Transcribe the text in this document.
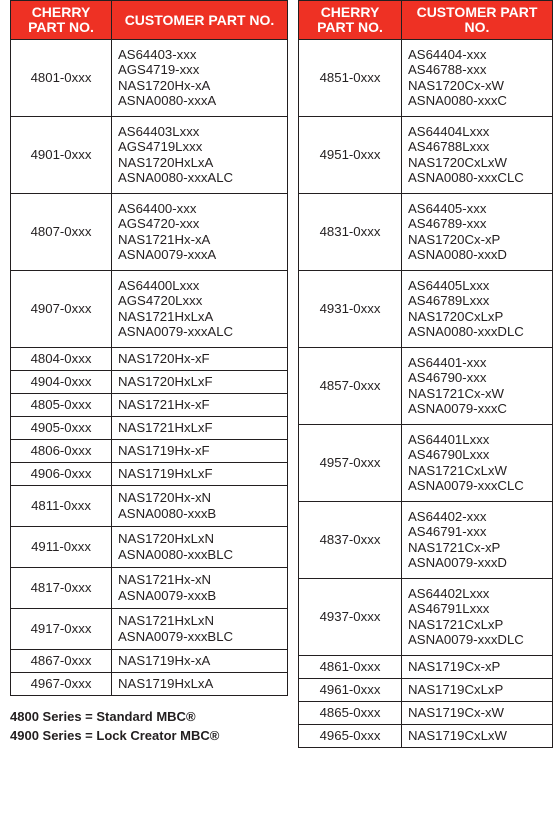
CHERRY PART NO.	CUSTOMER PART NO.
4801-0xxx	AS64403-xxx
AGS4719-xxx
NAS1720Hx-xA
ASNA0080-xxxA

4901-0xxx	AS64403Lxxx
AGS4719Lxxx
NAS1720HxLxA
ASNA0080-xxxALC

4807-0xxx	AS64400-xxx
AGS4720-xxx
NAS1721Hx-xA
ASNA0079-xxxA

4907-0xxx	AS64400Lxxx
AGS4720Lxxx
NAS1721HxLxA
ASNA0079-xxxALC

4804-0xxx	NAS1720Hx-xF

4904-0xxx	NAS1720HxLxF

4805-0xxx	NAS1721Hx-xF

4905-0xxx	NAS1721HxLxF

4806-0xxx	NAS1719Hx-xF

4906-0xxx	NAS1719HxLxF

4811-0xxx	NAS1720Hx-xN
ASNA0080-xxxB

4911-0xxx	NAS1720HxLxN
ASNA0080-xxxBLC

4817-0xxx	NAS1721Hx-xN
ASNA0079-xxxB

4917-0xxx	NAS1721HxLxN
ASNA0079-xxxBLC

4867-0xxx	NAS1719Hx-xA

4967-0xxx	NAS1719HxLxA
CHERRY PART NO.	CUSTOMER PART NO.
4851-0xxx	AS64404-xxx
AS46788-xxx
NAS1720Cx-xW
ASNA0080-xxxC

4951-0xxx	AS64404Lxxx
AS46788Lxxx
NAS1720CxLxW
ASNA0080-xxxCLC

4831-0xxx	AS64405-xxx
AS46789-xxx
NAS1720Cx-xP
ASNA0080-xxxD

4931-0xxx	AS64405Lxxx
AS46789Lxxx
NAS1720CxLxP
ASNA0080-xxxDLC

4857-0xxx	AS64401-xxx
AS46790-xxx
NAS1721Cx-xW
ASNA0079-xxxC

4957-0xxx	AS64401Lxxx
AS46790Lxxx
NAS1721CxLxW
ASNA0079-xxxCLC

4837-0xxx	AS64402-xxx
AS46791-xxx
NAS1721Cx-xP
ASNA0079-xxxD

4937-0xxx	AS64402Lxxx
AS46791Lxxx
NAS1721CxLxP
ASNA0079-xxxDLC

4861-0xxx	NAS1719Cx-xP

4961-0xxx	NAS1719CxLxP

4865-0xxx	NAS1719Cx-xW

4965-0xxx	NAS1719CxLxW
4800 Series = Standard MBC®
4900 Series = Lock Creator MBC®
